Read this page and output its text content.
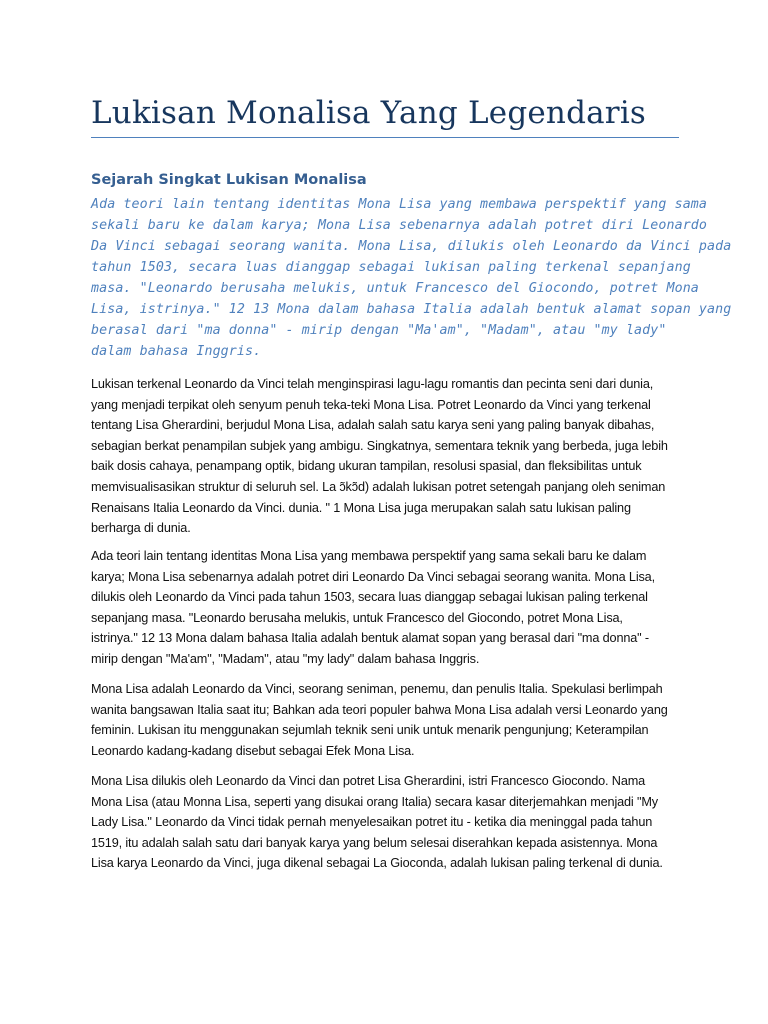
Lukisan Monalisa Yang Legendaris
Sejarah Singkat Lukisan Monalisa

Ada teori lain tentang identitas Mona Lisa yang membawa perspektif yang sama
sekali baru ke dalam karya; Mona Lisa sebenarnya adalah potret diri Leonardo
Da Vinci sebagai seorang wanita. Mona Lisa, dilukis oleh Leonardo da Vinci pada
tahun 1503, secara luas dianggap sebagai lukisan paling terkenal sepanjang
masa. "Leonardo berusaha melukis, untuk Francesco del Giocondo, potret Mona
Lisa, istrinya." 12 13 Mona dalam bahasa Italia adalah bentuk alamat sopan yang
berasal dari "ma donna" - mirip dengan "Ma'am", "Madam", atau "my lady"
dalam bahasa Inggris.

Lukisan terkenal Leonardo da Vinci telah menginspirasi lagu-lagu romantis dan pecinta seni dari dunia,
yang menjadi terpikat oleh senyum penuh teka-teki Mona Lisa. Potret Leonardo da Vinci yang terkenal
tentang Lisa Gherardini, berjudul Mona Lisa, adalah salah satu karya seni yang paling banyak dibahas,
sebagian berkat penampilan subjek yang ambigu. Singkatnya, sementara teknik yang berbeda, juga lebih
baik dosis cahaya, penampang optik, bidang ukuran tampilan, resolusi spasial, dan fleksibilitas untuk
memvisualisasikan struktur di seluruh sel. La ɔ̃kɔ̃d) adalah lukisan potret setengah panjang oleh seniman
Renaisans Italia Leonardo da Vinci. dunia. " 1 Mona Lisa juga merupakan salah satu lukisan paling
berharga di dunia.

Ada teori lain tentang identitas Mona Lisa yang membawa perspektif yang sama sekali baru ke dalam
karya; Mona Lisa sebenarnya adalah potret diri Leonardo Da Vinci sebagai seorang wanita. Mona Lisa,
dilukis oleh Leonardo da Vinci pada tahun 1503, secara luas dianggap sebagai lukisan paling terkenal
sepanjang masa. "Leonardo berusaha melukis, untuk Francesco del Giocondo, potret Mona Lisa,
istrinya." 12 13 Mona dalam bahasa Italia adalah bentuk alamat sopan yang berasal dari "ma donna" -
mirip dengan "Ma'am", "Madam", atau "my lady" dalam bahasa Inggris.

Mona Lisa adalah Leonardo da Vinci, seorang seniman, penemu, dan penulis Italia. Spekulasi berlimpah
wanita bangsawan Italia saat itu; Bahkan ada teori populer bahwa Mona Lisa adalah versi Leonardo yang
feminin. Lukisan itu menggunakan sejumlah teknik seni unik untuk menarik pengunjung; Keterampilan
Leonardo kadang-kadang disebut sebagai Efek Mona Lisa.

Mona Lisa dilukis oleh Leonardo da Vinci dan potret Lisa Gherardini, istri Francesco Giocondo. Nama
Mona Lisa (atau Monna Lisa, seperti yang disukai orang Italia) secara kasar diterjemahkan menjadi "My
Lady Lisa." Leonardo da Vinci tidak pernah menyelesaikan potret itu - ketika dia meninggal pada tahun
1519, itu adalah salah satu dari banyak karya yang belum selesai diserahkan kepada asistennya. Mona
Lisa karya Leonardo da Vinci, juga dikenal sebagai La Gioconda, adalah lukisan paling terkenal di dunia.
